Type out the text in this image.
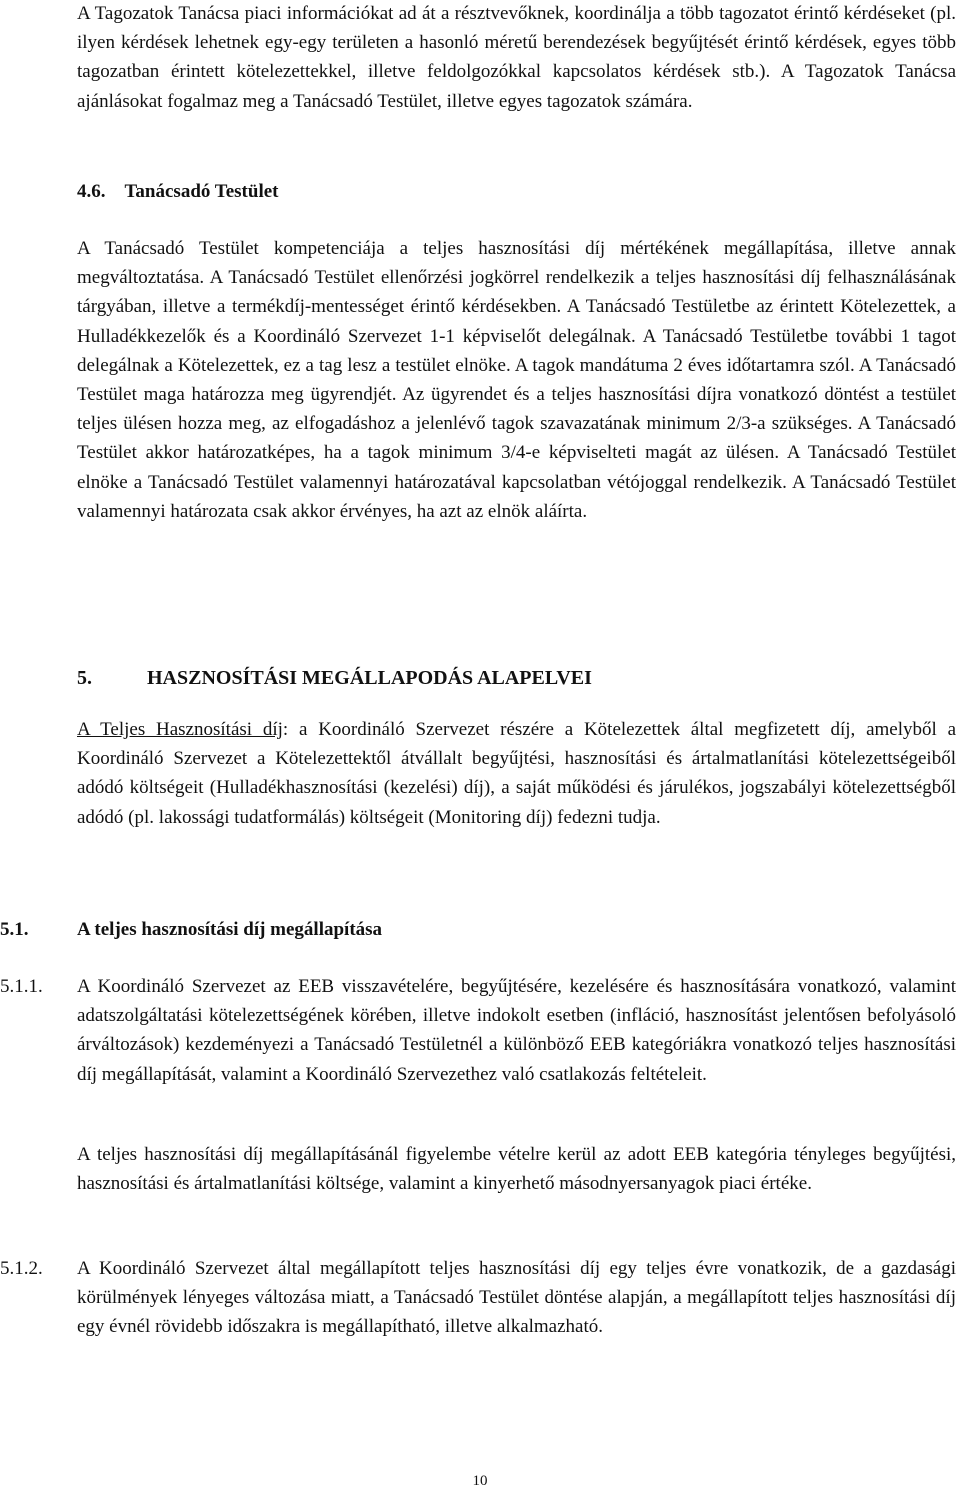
A Tagozatok Tanácsa piaci információkat ad át a résztvevőknek, koordinálja a több tagozatot érintő kérdéseket (pl. ilyen kérdések lehetnek egy-egy területen a hasonló méretű berendezések begyűjtését érintő kérdések, egyes több tagozatban érintett kötelezettekkel, illetve feldolgozókkal kapcsolatos kérdések stb.). A Tagozatok Tanácsa ajánlásokat fogalmaz meg a Tanácsadó Testület, illetve egyes tagozatok számára.

4.6.	Tanácsadó Testület

A Tanácsadó Testület kompetenciája a teljes hasznosítási díj mértékének megállapítása, illetve annak megváltoztatása. A Tanácsadó Testület ellenőrzési jogkörrel rendelkezik a teljes hasznosítási díj felhasználásának tárgyában, illetve a termékdíj-mentességet érintő kérdésekben. A Tanácsadó Testületbe az érintett Kötelezettek, a Hulladékkezelők és a Koordináló Szervezet 1-1 képviselőt delegálnak. A Tanácsadó Testületbe további 1 tagot delegálnak a Kötelezettek, ez a tag lesz a testület elnöke. A tagok mandátuma 2 éves időtartamra szól. A Tanácsadó Testület maga határozza meg ügyrendjét. Az ügyrendet és a teljes hasznosítási díjra vonatkozó döntést a testület teljes ülésen hozza meg, az elfogadáshoz a jelenlévő tagok szavazatának minimum 2/3-a szükséges. A Tanácsadó Testület akkor határozatképes, ha a tagok minimum 3/4-e képviselteti magát az ülésen. A Tanácsadó Testület elnöke a Tanácsadó Testület valamennyi határozatával kapcsolatban vétójoggal rendelkezik. A Tanácsadó Testület valamennyi határozata csak akkor érvényes, ha azt az elnök aláírta.

5.	HASZNOSÍTÁSI MEGÁLLAPODÁS ALAPELVEI

A Teljes Hasznosítási díj: a Koordináló Szervezet részére a Kötelezettek által megfizetett díj, amelyből a Koordináló Szervezet a Kötelezettektől átvállalt begyűjtési, hasznosítási és ártalmatlanítási kötelezettségeiből adódó költségeit (Hulladékhasznosítási (kezelési) díj), a saját működési és járulékos, jogszabályi kötelezettségből adódó (pl. lakossági tudatformálás) költségeit (Monitoring díj) fedezni tudja.

5.1.	A teljes hasznosítási díj megállapítása
5.1.1. A Koordináló Szervezet az EEB visszavételére, begyűjtésére, kezelésére és hasznosítására vonatkozó, valamint adatszolgáltatási kötelezettségének körében, illetve indokolt esetben (infláció, hasznosítást jelentősen befolyásoló árváltozások) kezdeményezi a Tanácsadó Testületnél a különböző EEB kategóriákra vonatkozó teljes hasznosítási díj megállapítását, valamint a Koordináló Szervezethez való csatlakozás feltételeit.

A teljes hasznosítási díj megállapításánál figyelembe vételre kerül az adott EEB kategória tényleges begyűjtési, hasznosítási és ártalmatlanítási költsége, valamint a kinyerhető másodnyersanyagok piaci értéke.

5.1.2. A Koordináló Szervezet által megállapított teljes hasznosítási díj egy teljes évre vonatkozik, de a gazdasági körülmények lényeges változása miatt, a Tanácsadó Testület döntése alapján, a megállapított teljes hasznosítási díj egy évnél rövidebb időszakra is megállapítható, illetve alkalmazható.

10
